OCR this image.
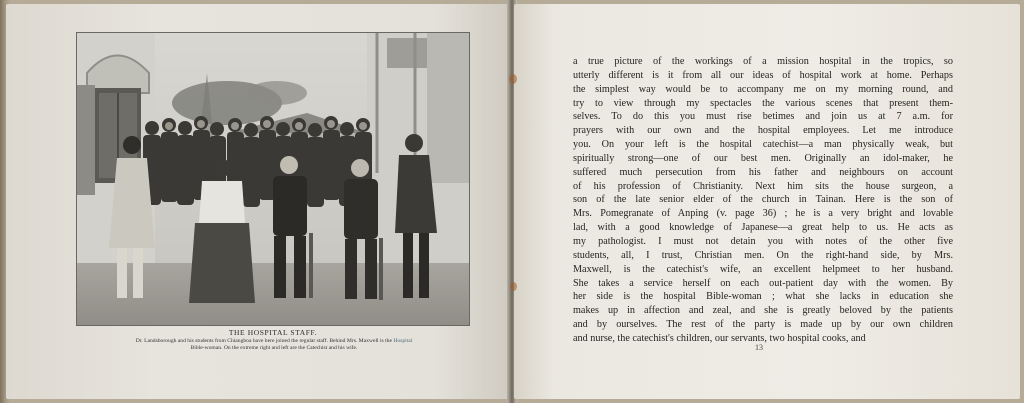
THE HOSPITAL STAFF.
Dr. Landsborough and his students from Chiangboa have here joined the regular staff. Behind Mrs. Maxwell is the Hospital
Bible-woman. On the extreme right and left are the Catechist and his wife.
a true picture of the workings of a mission hospital in the tropics, so
utterly different is it from all our ideas of hospital work at home. Perhaps
the simplest way would be to accompany me on my morning round, and
try to view through my spectacles the various scenes that present them-
selves. To do this you must rise betimes and join us at 7 a.m. for
prayers with our own and the hospital employees. Let me introduce
you. On your left is the hospital catechist—a man physically weak, but
spiritually strong—one of our best men. Originally an idol-maker, he
suffered much persecution from his father and neighbours on account
of his profession of Christianity. Next him sits the house surgeon, a
son of the late senior elder of the church in Tainan. Here is the son of
Mrs. Pomegranate of Anping (v. page 36) ; he is a very bright and lovable
lad, with a good knowledge of Japanese—a great help to us. He acts as
my pathologist. I must not detain you with notes of the other five
students, all, I trust, Christian men. On the right-hand side, by Mrs.
Maxwell, is the catechist's wife, an excellent helpmeet to her husband.
She takes a service herself on each out-patient day with the women. By
her side is the hospital Bible-woman ; what she lacks in education she
makes up in affection and zeal, and she is greatly beloved by the patients
and by ourselves. The rest of the party is made up by our own children
and nurse, the catechist's children, our servants, two hospital cooks, and
13
